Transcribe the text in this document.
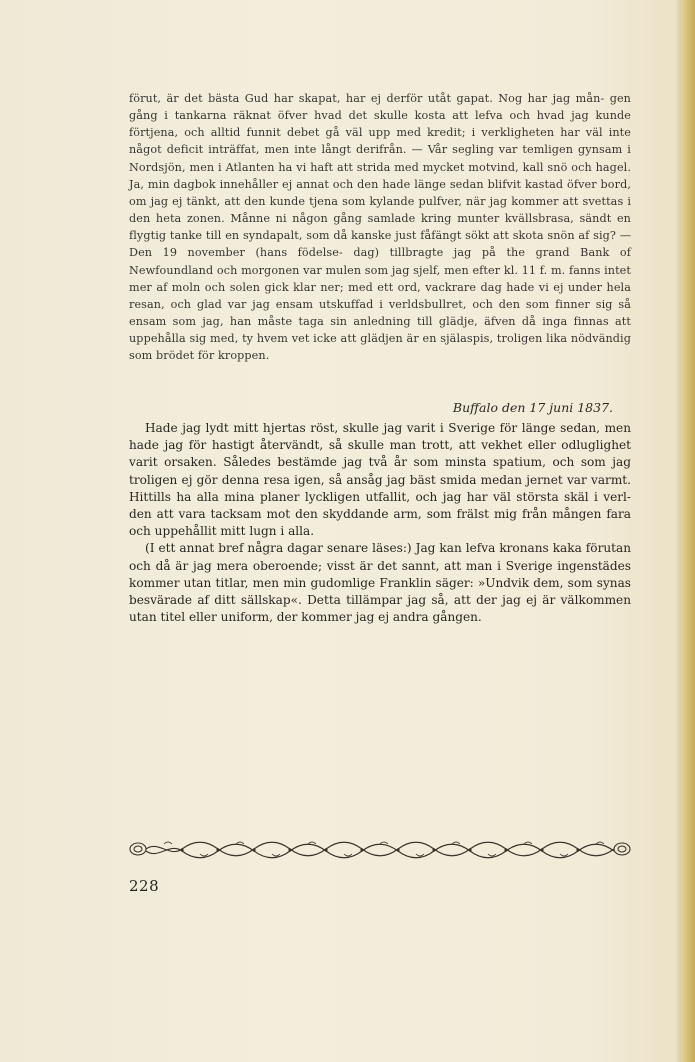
förut, är det bästa Gud har skapat, har ej derför utåt gapat. Nog har jag mån- gen gång i tankarna räknat öfver hvad det skulle kosta att lefva och hvad jag kunde förtjena, och alltid funnit debet gå väl upp med kredit; i verkligheten har väl inte något deficit inträffat, men inte långt derifrån. — Vår segling var temligen gynsam i Nordsjön, men i Atlanten ha vi haft att strida med mycket motvind, kall snö och hagel. Ja, min dagbok innehåller ej annat och den hade länge sedan blifvit kastad öfver bord, om jag ej tänkt, att den kunde tjena som kylande pulfver, när jag kommer att svettas i den heta zonen. Månne ni någon gång samlade kring munter kvällsbrasa, sändt en flygtig tanke till en syndapalt, som då kanske just fåfängt sökt att skota snön af sig? — Den 19 november (hans födelse- dag) tillbragte jag på the grand Bank of Newfoundland och morgonen var mulen som jag sjelf, men efter kl. 11 f. m. fanns intet mer af moln och solen gick klar ner; med ett ord, vackrare dag hade vi ej under hela resan, och glad var jag ensam utskuffad i verldsbullret, och den som finner sig så ensam som jag, han måste taga sin anledning till glädje, äfven då inga finnas att uppehålla sig med, ty hvem vet icke att glädjen är en själaspis, troligen lika nödvändig som brödet för kroppen.
Buffalo den 17 juni 1837.

Hade jag lydt mitt hjertas röst, skulle jag varit i Sverige för länge sedan, men hade jag för hastigt återvändt, så skulle man trott, att vekhet eller odluglighet varit orsaken. Således bestämde jag två år som minsta spatium, och som jag troligen ej gör denna resa igen, så ansåg jag bäst smida medan jernet var varmt. Hittills ha alla mina planer lyckligen utfallit, och jag har väl största skäl i verl- den att vara tacksam mot den skyddande arm, som frälst mig från mången fara och uppehållit mitt lugn i alla.

(I ett annat bref några dagar senare läses:) Jag kan lefva kronans kaka förutan och då är jag mera oberoende; visst är det sannt, att man i Sverige ingenstädes kommer utan titlar, men min gudomlige Franklin säger: »Undvik dem, som synas besvärade af ditt sällskap«. Detta tillämpar jag så, att der jag ej är välkommen utan titel eller uniform, der kommer jag ej andra gången.

228
